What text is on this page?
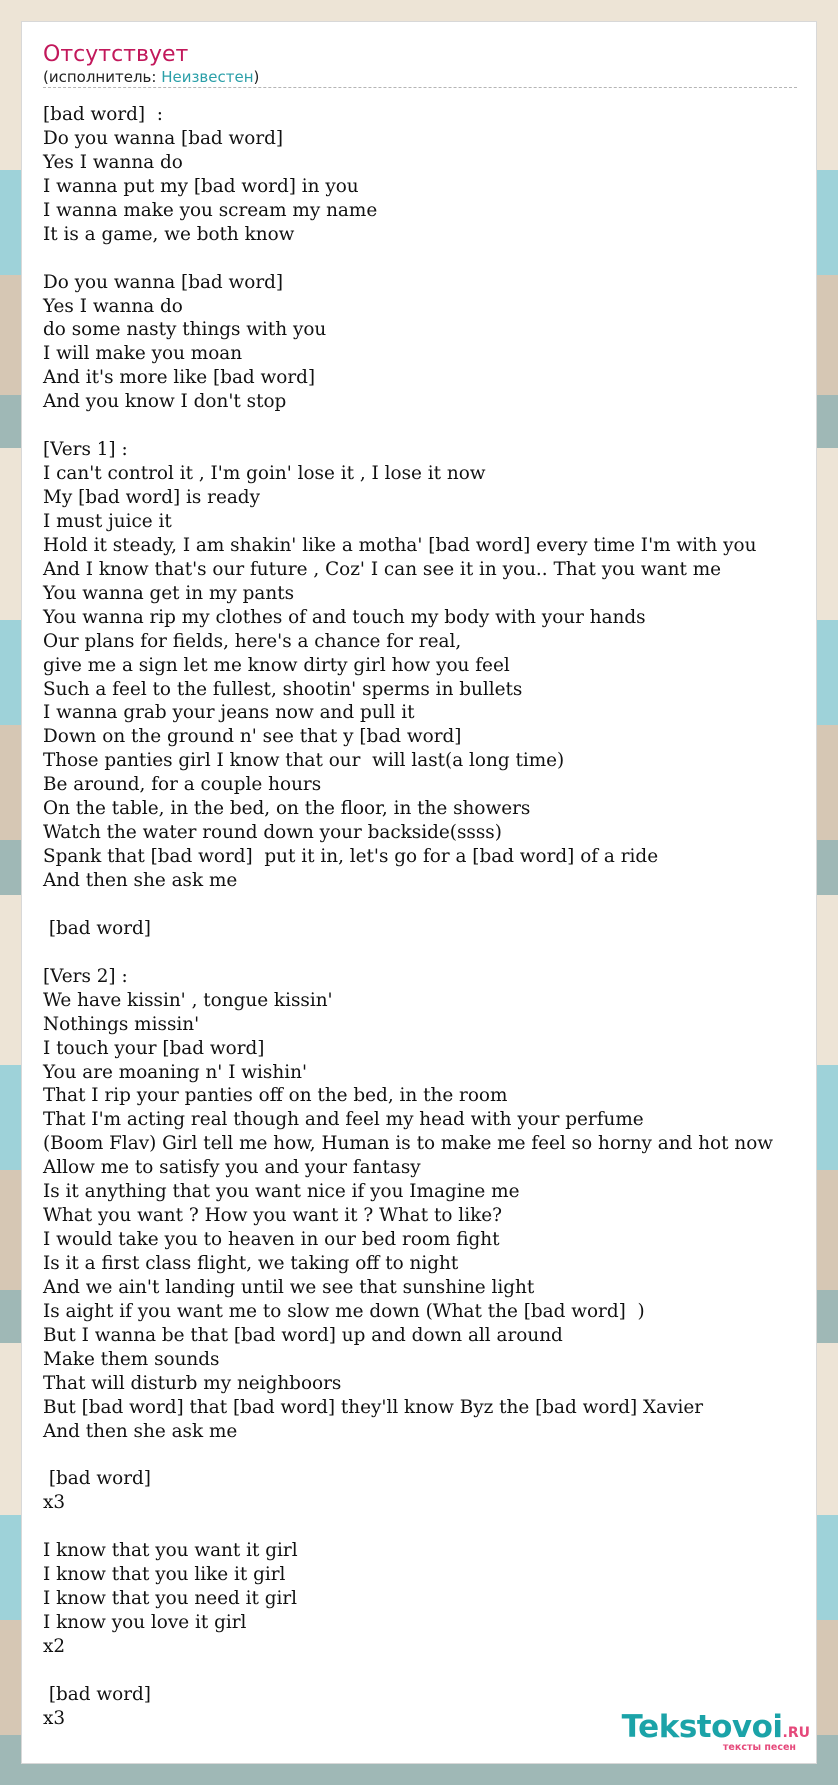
Отсутствует

(исполнитель: Неизвестен)

[bad word]  :
Do you wanna [bad word]
Yes I wanna do
I wanna put my [bad word] in you
I wanna make you scream my name
It is a game, we both know
Do you wanna [bad word]
Yes I wanna do
do some nasty things with you
I will make you moan
And it's more like [bad word]
And you know I don't stop
[Vers 1] :
I can't control it , I'm goin' lose it , I lose it now
My [bad word] is ready
I must juice it
Hold it steady, I am shakin' like a motha' [bad word] every time I'm with you
And I know that's our future , Coz' I can see it in you.. That you want me
You wanna get in my pants
You wanna rip my clothes of and touch my body with your hands
Our plans for fields, here's a chance for real,
give me a sign let me know dirty girl how you feel
Such a feel to the fullest, shootin' sperms in bullets
I wanna grab your jeans now and pull it
Down on the ground n' see that y [bad word]
Those panties girl I know that our  will last(a long time)
Be around, for a couple hours
On the table, in the bed, on the floor, in the showers
Watch the water round down your backside(ssss)
Spank that [bad word]  put it in, let's go for a [bad word] of a ride
And then she ask me
[bad word]
[Vers 2] :
We have kissin' , tongue kissin'
Nothings missin'
I touch your [bad word]
You are moaning n' I wishin'
That I rip your panties off on the bed, in the room
That I'm acting real though and feel my head with your perfume
(Boom Flav) Girl tell me how, Human is to make me feel so horny and hot now
Allow me to satisfy you and your fantasy
Is it anything that you want nice if you Imagine me
What you want ? How you want it ? What to like?
I would take you to heaven in our bed room fight
Is it a first class flight, we taking off to night
And we ain't landing until we see that sunshine light
Is aight if you want me to slow me down (What the [bad word]  )
But I wanna be that [bad word] up and down all around
Make them sounds
That will disturb my neighboors
But [bad word] that [bad word] they'll know Byz the [bad word] Xavier
And then she ask me
[bad word]
x3
I know that you want it girl
I know that you like it girl
I know that you need it girl
I know you love it girl
x2
[bad word]
x3	Tekstovoi.RU
тексты песен
